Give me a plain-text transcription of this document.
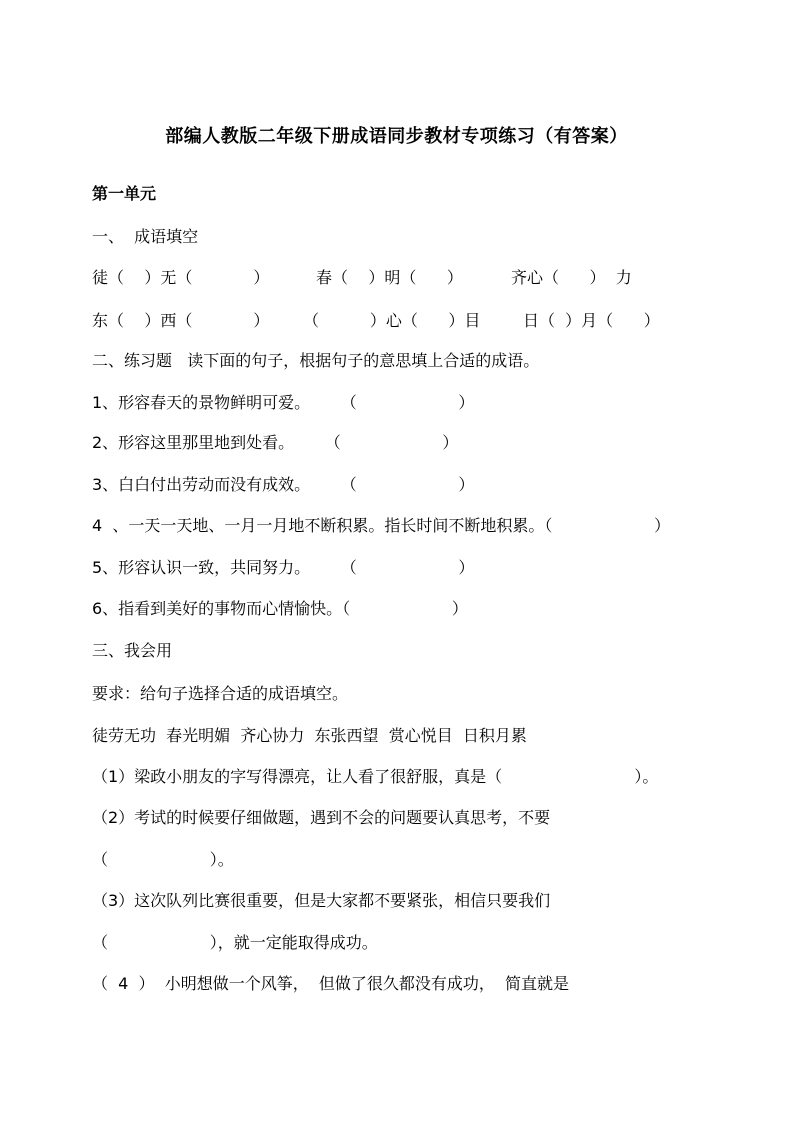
部编人教版二年级下册成语同步教材专项练习（有答案）
第一单元
一、  成语填空
徒（    ）无（            ）	春（    ）明（      ）	齐心（      ）  力
东（    ）西（            ） （          ）心（      ）目	日（  ）月（      ）
二、练习题   读下面的句子，根据句子的意思填上合适的成语。
1、形容春天的景物鲜明可爱。      （                    ）
2、形容这里那里地到处看。      （                    ）
3、白白付出劳动而没有成效。      （                    ）
4  、一天一天地、一月一月地不断积累。指长时间不断地积累。（                    ）
5、形容认识一致，共同努力。      （                    ）
6、指看到美好的事物而心情愉快。（                    ）
三、我会用
要求：给句子选择合适的成语填空。
徒劳无功  春光明媚  齐心协力  东张西望  赏心悦目  日积月累
（1）梁政小朋友的字写得漂亮，让人看了很舒服，真是（                          ）。
（2）考试的时候要仔细做题，遇到不会的问题要认真思考，不要
（                    ）。
（3）这次队列比赛很重要，但是大家都不要紧张，相信只要我们
（                    ），就一定能取得成功。
（  4  ）  小明想做一个风筝，  但做了很久都没有成功，  简直就是
